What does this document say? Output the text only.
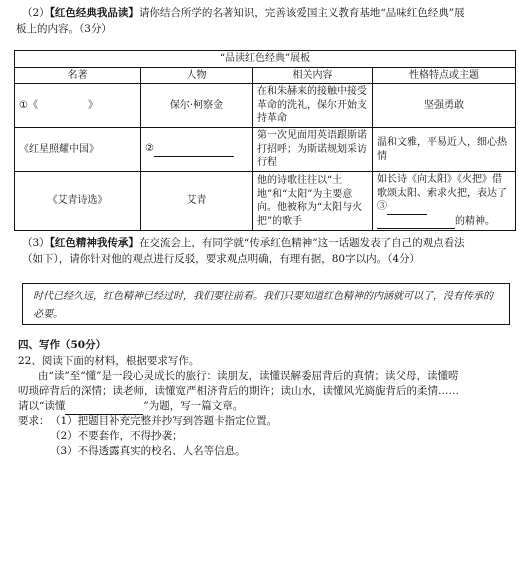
（2）【红色经典我品读】请你结合所学的名著知识，完善该爱国主义教育基地“品味红色经典”展
板上的内容。（3分）
“品读红色经典”展板			
名著	人物	相关内容	性格特点或主题
①《　　　　　》	保尔·柯察金	在和朱赫来的接触中接受革命的洗礼，保尔开始支持革命	坚强勇敢
《红星照耀中国》	②	第一次见面用英语跟斯诺打招呼；为斯诺规划采访行程	温和文雅，平易近人，细心热情
《艾青诗选》	艾青	他的诗歌往往以“土地”和“太阳”为主要意向。他被称为“太阳与火把”的歌手	如长诗《向太阳》《火把》借歌颂太阳、索求火把，表达了③
的精神。
（3）【红色精神我传承】在交流会上，有同学就“传承红色精神”这一话题发表了自己的观点看法
（如下），请你针对他的观点进行反驳，要求观点明确，有理有据，80字以内。（4分）
时代已经久远，红色精神已经过时，我们要往前看。我们只要知道红色精神的内涵就可以了，没有传承的必要。
四、写作（50分）
22、阅读下面的材料，根据要求写作。
由“读”至“懂”是一段心灵成长的旅行：读朋友，读懂误解委屈背后的真情；读父母，读懂唠
叨琐碎背后的深情；读老师，读懂宽严相济背后的期许；读山水，读懂风光旖旎背后的柔情……
请以“读懂	”为题，写一篇文章。
要求： （1）把题目补充完整并抄写到答题卡指定位置。
（2）不要套作，不得抄袭；
（3）不得透露真实的校名、人名等信息。
